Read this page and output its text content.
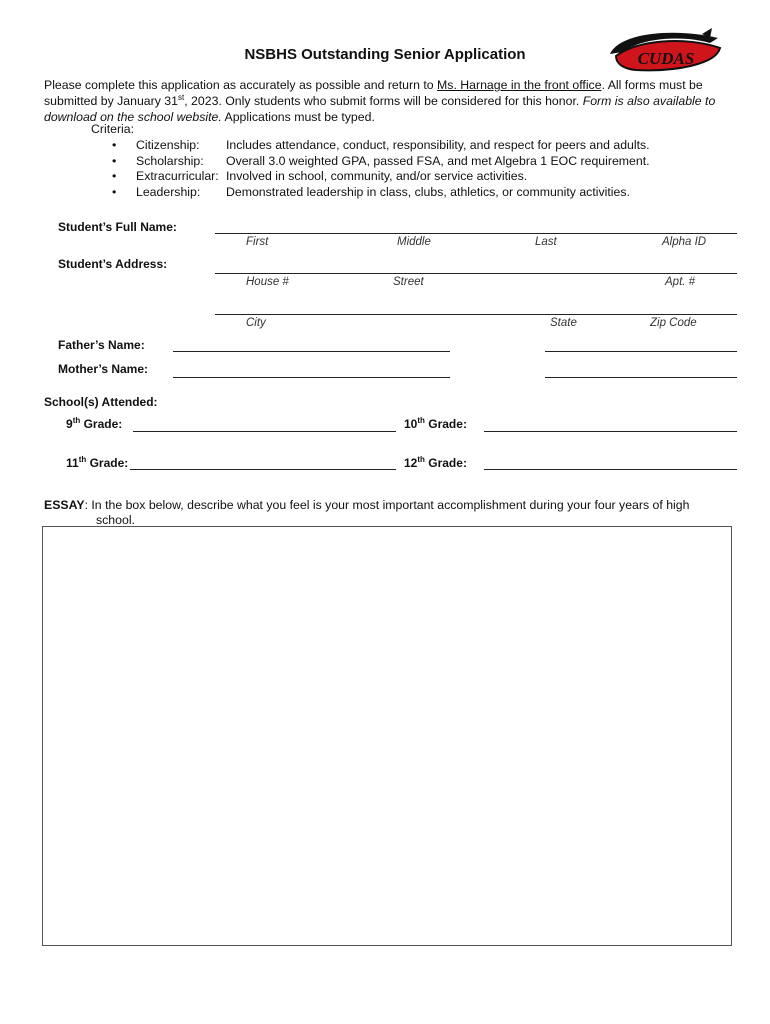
NSBHS Outstanding Senior Application	CUDAS
Please complete this application as accurately as possible and return to Ms. Harnage in the front office. All forms must be submitted by January 31st, 2023. Only students who submit forms will be considered for this honor. Form is also available to download on the school website. Applications must be typed.
Criteria:
•	Citizenship:	Includes attendance, conduct, responsibility, and respect for peers and adults.
•	Scholarship:	Overall 3.0 weighted GPA, passed FSA, and met Algebra 1 EOC requirement.
•	Extracurricular: Involved in school, community, and/or service activities.
•	Leadership:	Demonstrated leadership in class, clubs, athletics, or community activities.
Student’s Full Name:
First	Middle	Last	Alpha ID
Student’s Address:
House #	Street	Apt. #
City	State	Zip Code
Father’s Name:
Mother’s Name:
School(s) Attended:
9th Grade:	10th Grade:
11th Grade:	12th Grade:
ESSAY: In the box below, describe what you feel is your most important accomplishment during your four years of high
school.
